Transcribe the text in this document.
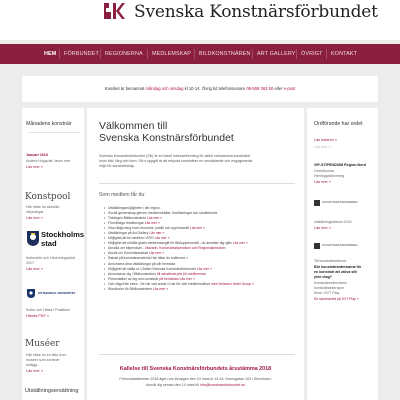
Svenska Konstnärsförbundet
HEM FÖRBUNDET REGIONERNA MEDLEMSKAP BILDKONSTNÄREN ART GALLERY ÖVRIGT KONTAKT
Kansliet är bemannat måndag och onsdag kl 10-14. Övrig tid telefonsvarare 08-559 363 50 eller e-post
Månadens konstnär
Januari 2018
Anders Högqvist, läsen mer
Läs mer »
Konstpool
Här hittar du aktuella
uttysningar
Läs mer »
Stockholms
stad
Kulturstöd och Utvecklingsstöd
2017
Läs mer »
GÖTEBORGS UNIVERSITET
Kultur och Hälsa i Praktiken
Hämta PDF »
Muséer
Här hittar du en lista över
museer som kommer
anlägg...
Läs mer »
Utställningsersättning
Välkommen till
Svenska Konstnärsförbundet
Svenska Konstnärsförbundet (SK) är en ideell intresseförening för aktivt verksamma konstnärer
inom bild, färg och form. SK:s uppgift är att erbjuda konstnärer en omväxlande och engagerande
miljö för konstnärskap.
Som medlem får du:
• Utställningsmöjligheter i din region.
• Social gemenskap genom medlemsträffar, föreläsningar och studiebesök
• Tidningen Bildkonstnären Läs mer »
• Förmånliga försäkringar Läs mer »
• Visa rådgivning inom ekonomi, juridik och upphovsrätt Läs mer »
• Utställningar på Art Gallery Läs mer »
• Möjlighet att bli medlem i KRO Läs mer »
• Möjlighet att erhålla gratis medlemsavgift för Bildupphovsrätt - du anmäler dig själv Läs mer »
• Ansöka om stipendium - Mazarin, Konstnärsstipendium och Regionstipendium
• Ansök om Konstnärsrabatt Läs mer »
• Rabatt på konstnärsmaterial Här hittar du butikerna »
• Annonsera dina utställningar på vår hemsida
• Möjlighet att ställa ut i Galleri Svenska Konstnärsförbundet Läs mer »
• Annonserar dig i Bildkonstnären till rabatterat pris för medlemmar
• Presentation av dig som konstnär på hemsidan Läs mer »
• Och något lite extra - Se här vad annat vi har för vårt medlemsutbud med Helsolen Hotel Group »
• Stockholm för Bildkonstnären Läs mer »
Kallelse till Svenska Konstnärsförbundets årsstämma 2018
Förbundsstämman 2018 äger rum lördagen den 24 mars kl 13-16. Hornsgatan 103 i Stockholm.
Anmäl dig senast den 14 mars till info@konstnarsforbundet.se
Ordförande har ordet
Läs ledaren »
Läs mer »
VIP-STIPENDIUM Region-Nord
Grundsunda
Hembygdsförening
Läs mer »
KONSTNÄRSNÄMNDEN
Utställningsdatum 2018
Läs mer »
KONSTNÄRSNÄMNDEN
Till konstnärsnämnd
Bör konstnärsnämnarna för
en konstnär att utöva sitt
yrke idag?
Konstnärsnämndens
konstnärsintervjuer
finns i SVT Play
Se sammanträ på SVT Play »
